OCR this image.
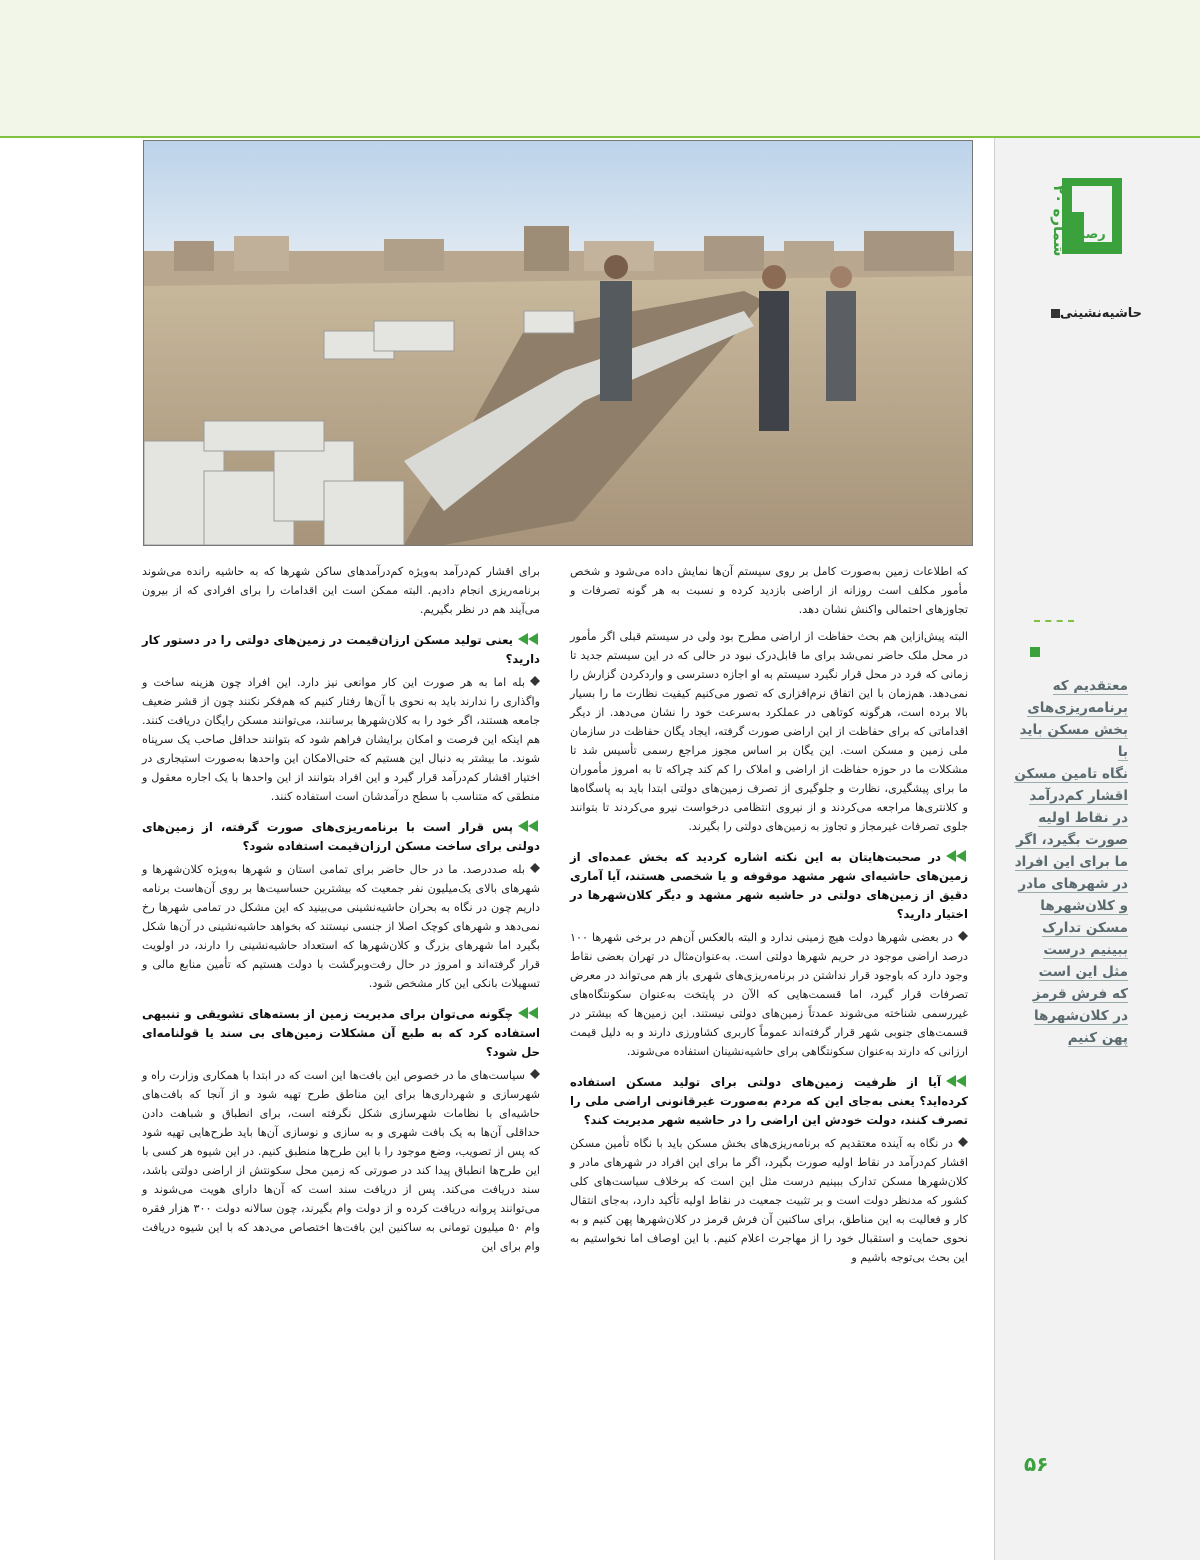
رصد
شماره ۲۰
حاشیه‌نشینی
معتقدیم که
برنامه‌ریزی‌های
بخش مسکن باید با
نگاه تامین مسکن
اقشار کم‌درآمد
در نقاط اولیه
صورت بگیرد، اگر
ما برای این افراد
در شهرهای مادر
و کلان‌شهرها
مسکن تدارک
ببینیم درست
مثل این است
که فرش قرمز
در کلان‌شهرها
پهن کنیم
۵۶

که اطلاعات زمین به‌صورت کامل بر روی سیستم آن‌ها نمایش داده می‌شود و شخص مأمور مکلف است روزانه از اراضی بازدید کرده و نسبت به هر گونه تصرفات و تجاوزهای احتمالی واکنش نشان دهد.

البته پیش‌ازاین هم بحث حفاظت از اراضی مطرح بود ولی در سیستم قبلی اگر مأمور در محل ملک حاضر نمی‌شد برای ما قابل‌درک نبود در حالی که در این سیستم جدید تا زمانی که فرد در محل قرار نگیرد سیستم به او اجازه دسترسی و وارد‌کردن گزارش را نمی‌دهد. هم‌زمان با این اتفاق نرم‌افزاری که تصور می‌کنیم کیفیت نظارت ما را بسیار بالا برده است، هرگونه کوتاهی در عملکرد به‌سرعت خود را نشان می‌دهد. از دیگر اقداماتی که برای حفاظت از این اراضی صورت گرفته، ایجاد یگان حفاظت در سازمان ملی زمین و مسکن است. این یگان بر اساس مجوز مراجع رسمی تأسیس شد تا مشکلات ما در حوزه حفاظت از اراضی و املاک را کم کند چراکه تا به امروز مأموران ما برای پیشگیری، نظارت و جلوگیری از تصرف زمین‌های دولتی ابتدا باید به پاسگاه‌ها و کلانتری‌ها مراجعه می‌کردند و از نیروی انتظامی درخواست نیرو می‌کردند تا بتوانند جلوی تصرفات غیرمجاز و تجاوز به زمین‌های دولتی را بگیرند.

در صحبت‌هایتان به این نکته اشاره کردید که بخش عمده‌ای از زمین‌های حاشیه‌ای شهر مشهد موقوفه و یا شخصی هستند، آیا آماری دقیق از زمین‌های دولتی در حاشیه شهر مشهد و دیگر کلان‌شهرها در اختیار دارید؟

در بعضی شهرها دولت هیچ زمینی ندارد و البته بالعکس آن‌هم در برخی شهرها ۱۰۰ درصد اراضی موجود در حریم شهرها دولتی است. به‌عنوان‌مثال در تهران بعضی نقاط وجود دارد که باوجود قرار نداشتن در برنامه‌ریزی‌های شهری باز هم می‌تواند در معرض تصرفات قرار گیرد، اما قسمت‌هایی که الآن در پایتخت به‌عنوان سکونتگاه‌های غیررسمی شناخته می‌شوند عمدتاً زمین‌های دولتی نیستند. این زمین‌ها که بیشتر در قسمت‌های جنوبی شهر قرار گرفته‌اند عموماً کاربری کشاورزی دارند و به دلیل قیمت ارزانی که دارند به‌عنوان سکونتگاهی برای حاشیه‌نشینان استفاده می‌شوند.

آیا از ظرفیت زمین‌های دولتی برای تولید مسکن استفاده کرده‌اید؟ یعنی به‌جای این که مردم به‌صورت غیرقانونی اراضی ملی را تصرف کنند، دولت خودش این اراضی را در حاشیه شهر مدیریت کند؟

در نگاه به آینده معتقدیم که برنامه‌ریزی‌های بخش مسکن باید با نگاه تأمین مسکن اقشار کم‌درآمد در نقاط اولیه صورت بگیرد، اگر ما برای این افراد در شهرهای مادر و کلان‌شهرها مسکن تدارک ببینیم درست مثل این است که برخلاف سیاست‌های کلی کشور که مدنظر دولت است و بر تثبیت جمعیت در نقاط اولیه تأکید دارد، به‌جای انتقال کار و فعالیت به این مناطق، برای ساکنین آن فرش قرمز در کلان‌شهرها پهن کنیم و به نحوی حمایت و استقبال خود را از مهاجرت اعلام کنیم. با این اوصاف اما نخواستیم به این بحث بی‌توجه باشیم و

برای اقشار کم‌درآمد به‌ویژه کم‌درآمدهای ساکن شهرها که به حاشیه رانده می‌شوند برنامه‌ریزی انجام دادیم. البته ممکن است این اقدامات را برای افرادی که از بیرون می‌آیند هم در نظر بگیریم.

یعنی تولید مسکن ارزان‌قیمت در زمین‌های دولتی را در دستور کار دارید؟

بله اما به هر صورت این کار موانعی نیز دارد. این افراد چون هزینه ساخت و واگذاری را ندارند باید به نحوی با آن‌ها رفتار کنیم که هم‌فکر نکنند چون از قشر ضعیف جامعه هستند، اگر خود را به کلان‌شهرها برسانند، می‌توانند مسکن رایگان دریافت کنند. هم اینکه این فرصت و امکان برایشان فراهم شود که بتوانند حداقل صاحب یک سرپناه شوند. ما بیشتر به دنبال این هستیم که حتی‌الامکان این واحدها به‌صورت استیجاری در اختیار اقشار کم‌درآمد قرار گیرد و این افراد بتوانند از این واحدها با یک اجاره معقول و منطقی که متناسب با سطح درآمدشان است استفاده کنند.

پس قرار است با برنامه‌ریزی‌های صورت گرفته، از زمین‌های دولتی برای ساخت مسکن ارزان‌قیمت استفاده شود؟

بله صد‌در‌صد. ما در حال حاضر برای تمامی استان و شهرها به‌ویژه کلان‌شهرها و شهرهای بالای یک‌میلیون نفر جمعیت که بیشترین حساسیت‌ها بر روی آن‌هاست برنامه داریم چون در نگاه به بحران حاشیه‌نشینی می‌بینید که این مشکل در تمامی شهرها رخ نمی‌دهد و شهرهای کوچک اصلا از جنسی نیستند که بخواهد حاشیه‌نشینی در آن‌ها شکل بگیرد اما شهرهای بزرگ و کلان‌شهرها که استعداد حاشیه‌نشینی را دارند، در اولویت قرار گرفته‌اند و امروز در حال رفت‌وبرگشت با دولت هستیم که تأمین منابع مالی و تسهیلات بانکی این کار مشخص شود.

چگونه می‌توان برای مدیریت زمین از بسته‌های تشویقی و تنبیهی استفاده کرد که به طبع آن مشکلات زمین‌های بی سند یا قولنامه‌ای حل شود؟

سیاست‌های ما در خصوص این بافت‌ها این است که در ابتدا با همکاری وزارت راه و شهرسازی و شهرداری‌ها برای این مناطق طرح تهیه شود و از آنجا که بافت‌های حاشیه‌ای با نظامات شهرسازی شکل نگرفته است، برای انطباق و شباهت دادن حداقلی آن‌ها به یک بافت شهری و به سازی و نوسازی آن‌ها باید طرح‌هایی تهیه شود که پس از تصویب، وضع موجود را با این طرح‌ها منطبق کنیم. در این شیوه هر کسی با این طرح‌ها انطباق پیدا کند در صورتی که زمین محل سکونتش از اراضی دولتی باشد، سند دریافت می‌کند. پس از دریافت سند است که آن‌ها دارای هویت می‌شوند و می‌توانند پروانه دریافت کرده و از دولت وام بگیرند، چون سالانه دولت ۳۰۰ هزار فقره وام ۵۰ میلیون تومانی به ساکنین این بافت‌ها اختصاص می‌دهد که با این شیوه دریافت وام برای این
